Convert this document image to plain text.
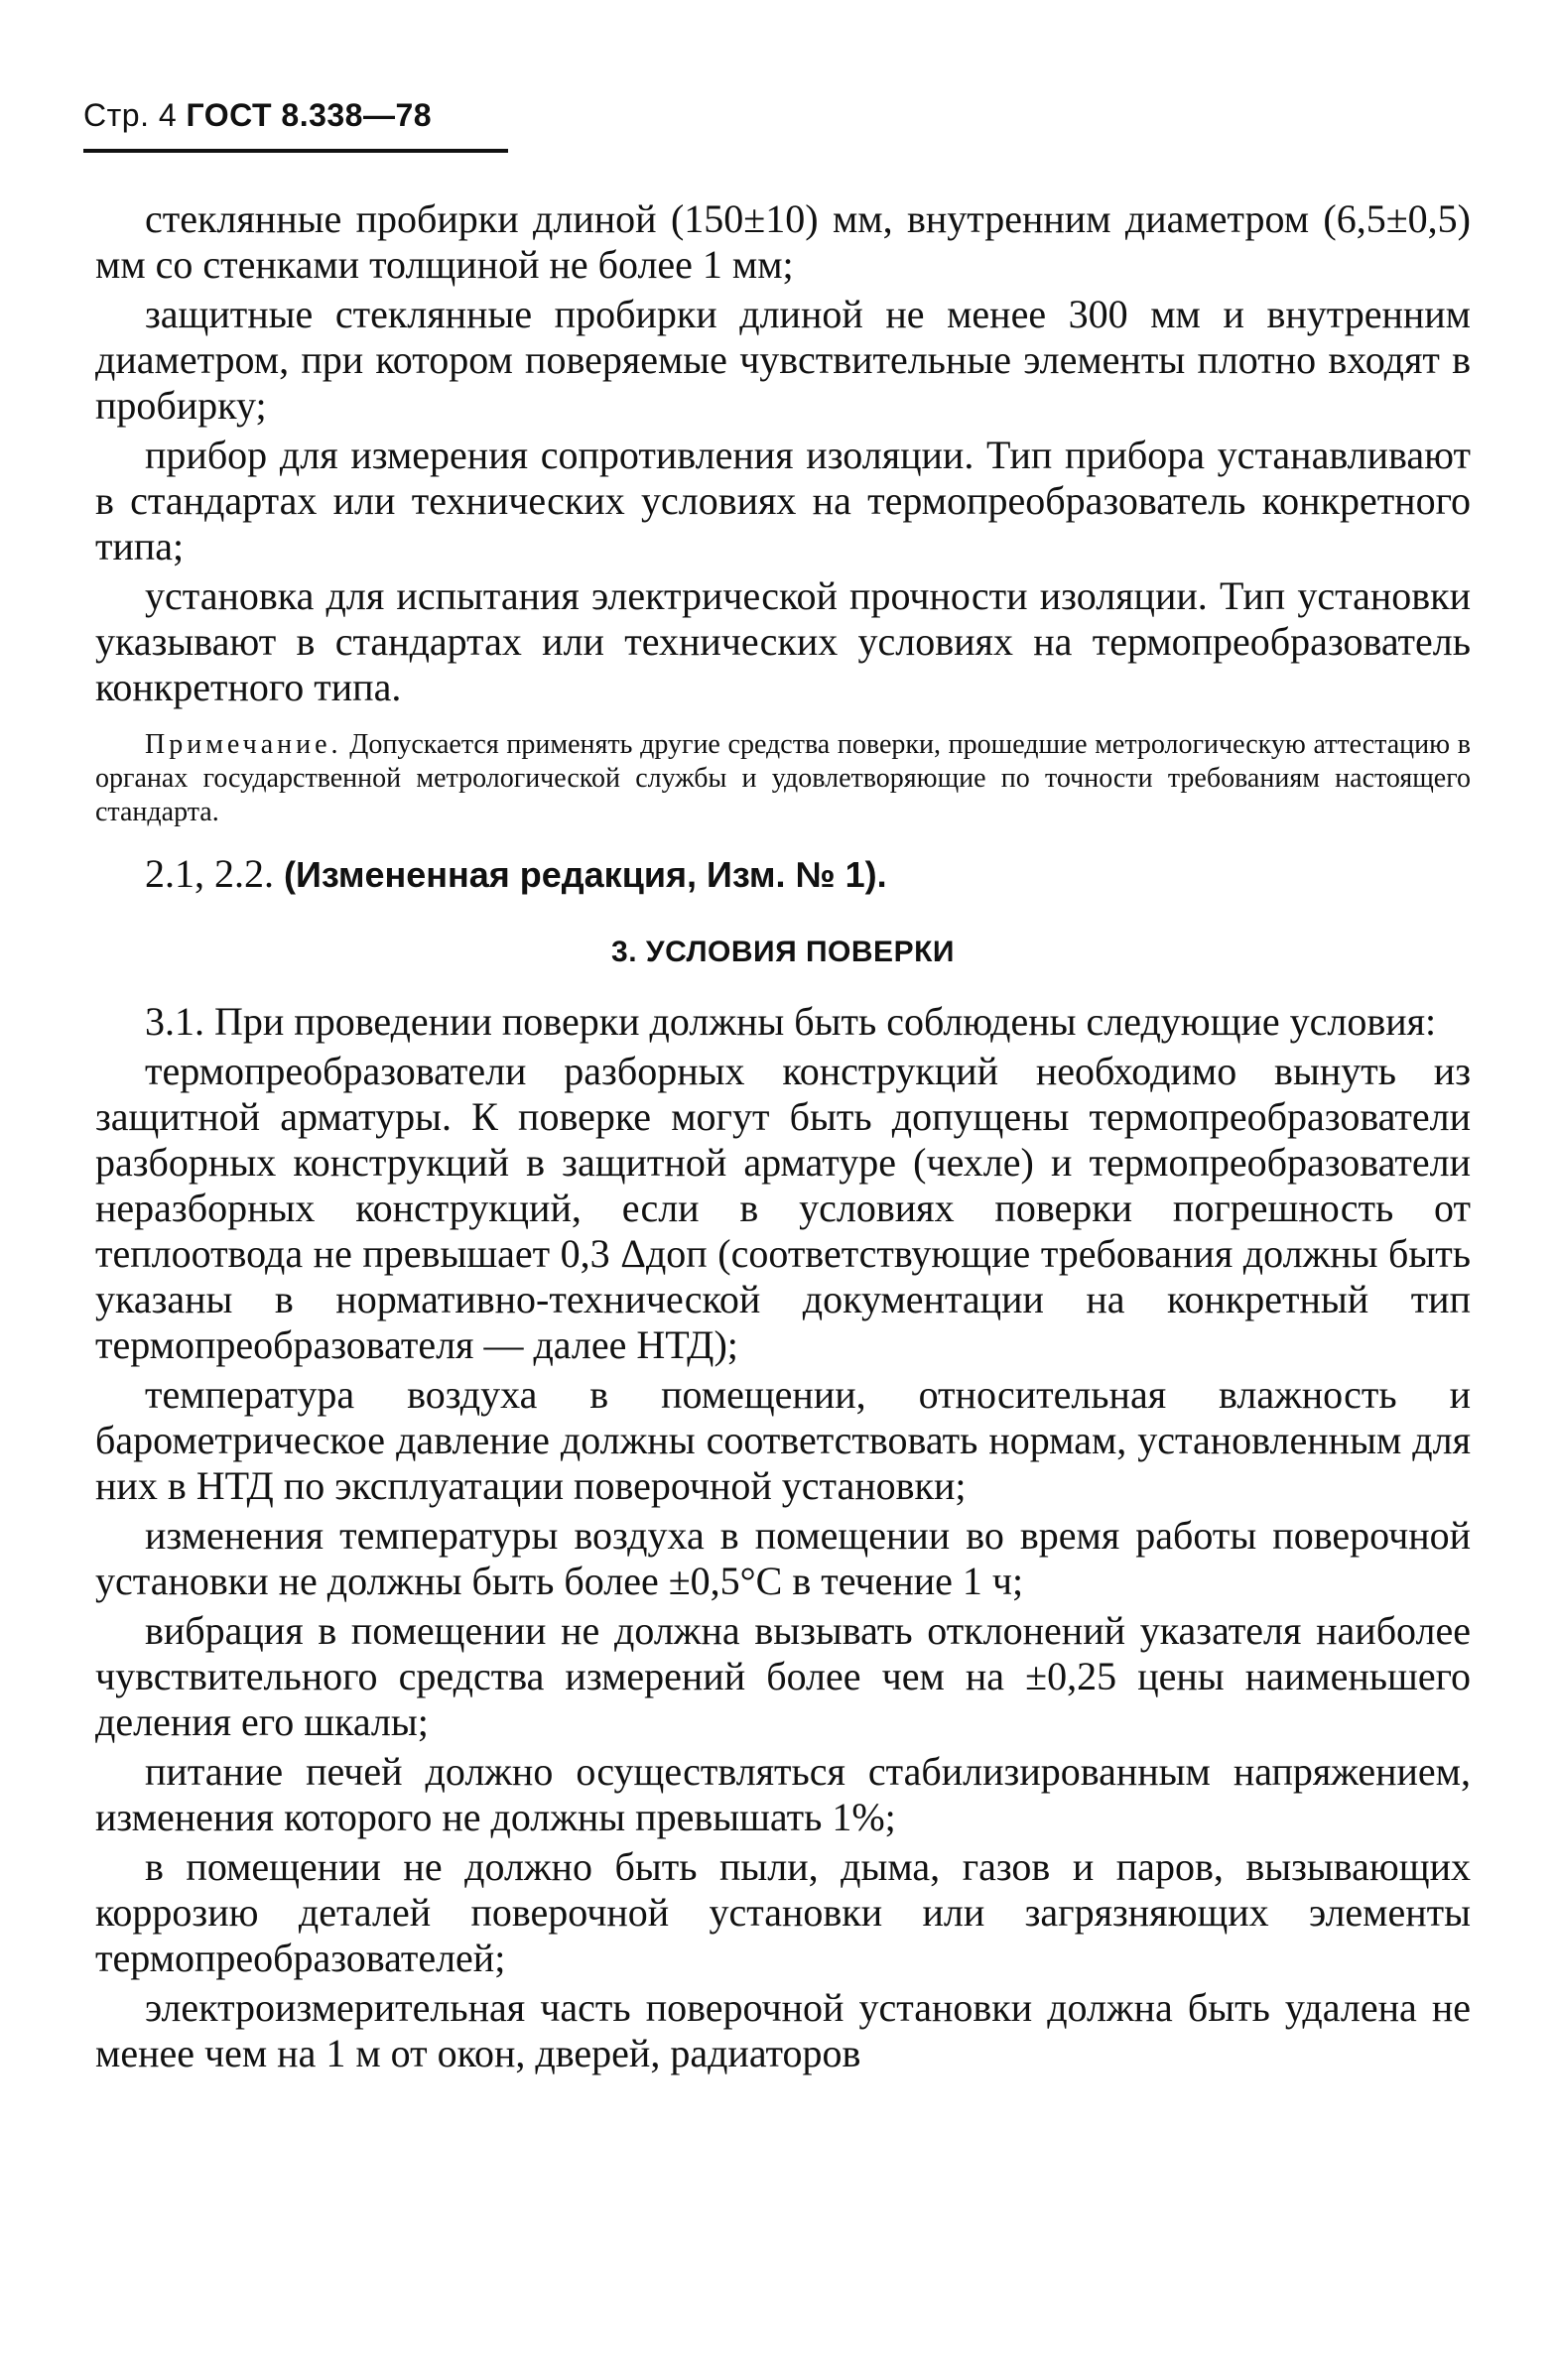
Стр. 4 ГОСТ 8.338—78

стеклянные пробирки длиной (150±10) мм, внутренним диаметром (6,5±0,5) мм со стенками толщиной не более 1 мм;

защитные стеклянные пробирки длиной не менее 300 мм и внутренним диаметром, при котором поверяемые чувствительные элементы плотно входят в пробирку;

прибор для измерения сопротивления изоляции. Тип прибора устанавливают в стандартах или технических условиях на термопреобразователь конкретного типа;

установка для испытания электрической прочности изоляции. Тип установки указывают в стандартах или технических условиях на термопреобразователь конкретного типа.

Примечание. Допускается применять другие средства поверки, прошедшие метрологическую аттестацию в органах государственной метрологической службы и удовлетворяющие по точности требованиям настоящего стандарта.

2.1, 2.2. (Измененная редакция, Изм. № 1).

3. УСЛОВИЯ ПОВЕРКИ

3.1. При проведении поверки должны быть соблюдены следующие условия:

термопреобразователи разборных конструкций необходимо вынуть из защитной арматуры. К поверке могут быть допущены термопреобразователи разборных конструкций в защитной арматуре (чехле) и термопреобразователи неразборных конструкций, если в условиях поверки погрешность от теплоотвода не превышает 0,3 Δдоп (соответствующие требования должны быть указаны в нормативно-технической документации на конкретный тип термопреобразователя — далее НТД);

температура воздуха в помещении, относительная влажность и барометрическое давление должны соответствовать нормам, установленным для них в НТД по эксплуатации поверочной установки;

изменения температуры воздуха в помещении во время работы поверочной установки не должны быть более ±0,5°С в течение 1 ч;

вибрация в помещении не должна вызывать отклонений указателя наиболее чувствительного средства измерений более чем на ±0,25 цены наименьшего деления его шкалы;

питание печей должно осуществляться стабилизированным напряжением, изменения которого не должны превышать 1%;

в помещении не должно быть пыли, дыма, газов и паров, вызывающих коррозию деталей поверочной установки или загрязняющих элементы термопреобразователей;

электроизмерительная часть поверочной установки должна быть удалена не менее чем на 1 м от окон, дверей, радиаторов
